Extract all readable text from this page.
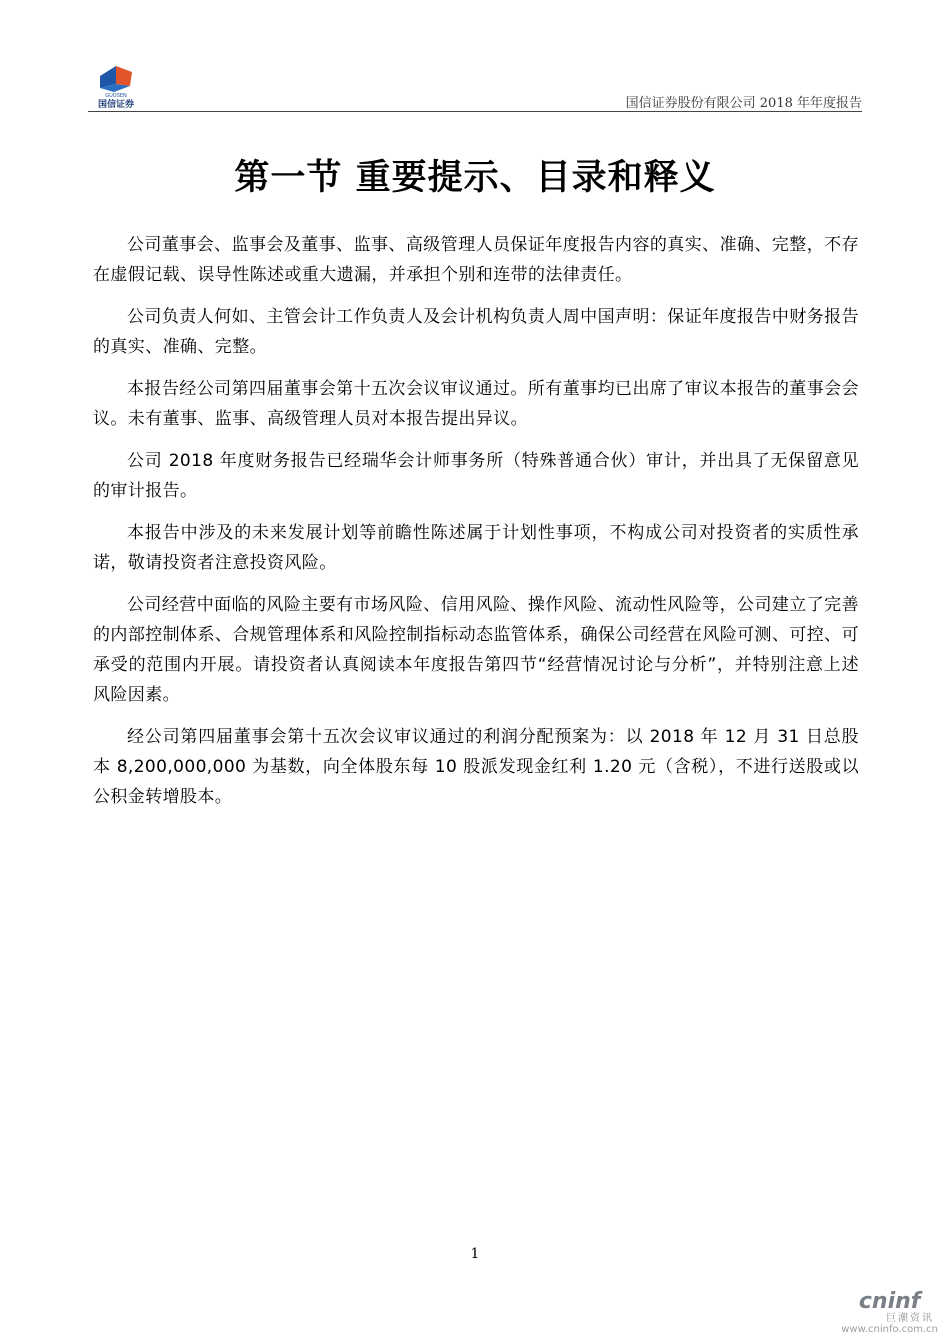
GUOSEN
国信证券	国信证券股份有限公司 2018 年年度报告
第一节 重要提示、目录和释义

公司董事会、监事会及董事、监事、高级管理人员保证年度报告内容的真实、准确、完整，不存在虚假记载、误导性陈述或重大遗漏，并承担个别和连带的法律责任。

公司负责人何如、主管会计工作负责人及会计机构负责人周中国声明：保证年度报告中财务报告的真实、准确、完整。

本报告经公司第四届董事会第十五次会议审议通过。所有董事均已出席了审议本报告的董事会会议。未有董事、监事、高级管理人员对本报告提出异议。

公司 2018 年度财务报告已经瑞华会计师事务所（特殊普通合伙）审计，并出具了无保留意见的审计报告。

本报告中涉及的未来发展计划等前瞻性陈述属于计划性事项，不构成公司对投资者的实质性承诺，敬请投资者注意投资风险。

公司经营中面临的风险主要有市场风险、信用风险、操作风险、流动性风险等，公司建立了完善的内部控制体系、合规管理体系和风险控制指标动态监管体系，确保公司经营在风险可测、可控、可承受的范围内开展。请投资者认真阅读本年度报告第四节“经营情况讨论与分析”，并特别注意上述风险因素。

经公司第四届董事会第十五次会议审议通过的利润分配预案为：以 2018 年 12 月 31 日总股本 8,200,000,000 为基数，向全体股东每 10 股派发现金红利 1.20 元（含税），不进行送股或以公积金转增股本。

1
cninf
巨潮资讯
www.cninfo.com.cn
